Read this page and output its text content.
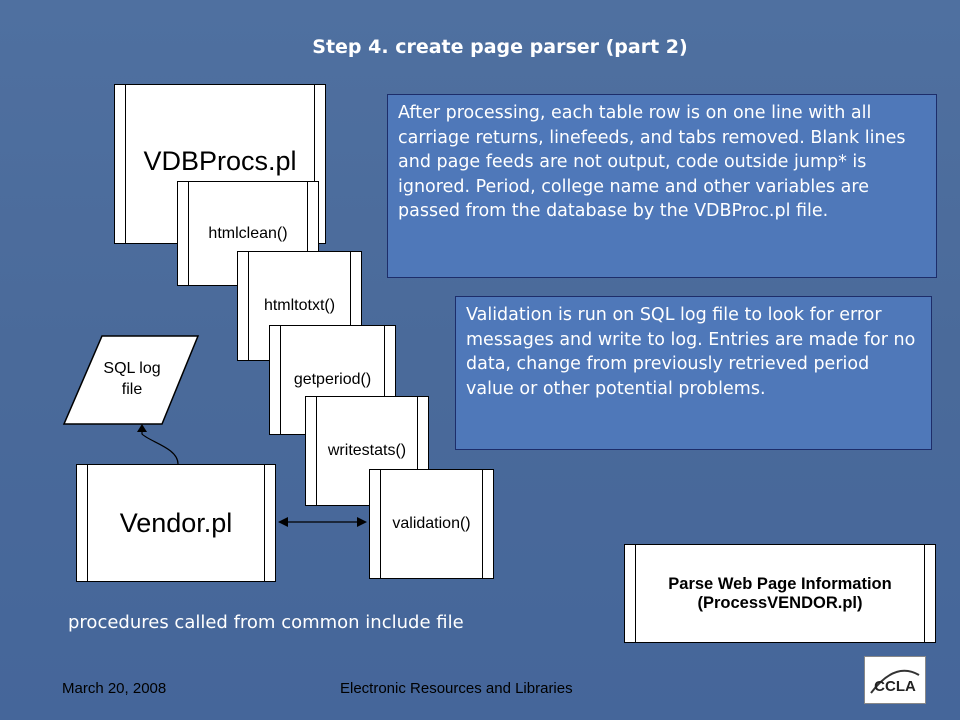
Step 4. create page parser (part 2)
VDBProcs.pl
htmlclean()
htmltotxt()
getperiod()
writestats()
validation()
Vendor.pl
SQL log file
After processing, each table row is on one line with all carriage returns, linefeeds, and tabs removed. Blank lines and page feeds are not output, code outside jump* is ignored. Period, college name and other variables are passed from the database by the VDBProc.pl file.
Validation is run on SQL log file to look for error messages and write to log. Entries are made for no data, change from previously retrieved period value or other potential problems.
procedures called from common include file
Parse Web Page Information
(ProcessVENDOR.pl)
March 20, 2008	Electronic Resources and Libraries	CCLA
